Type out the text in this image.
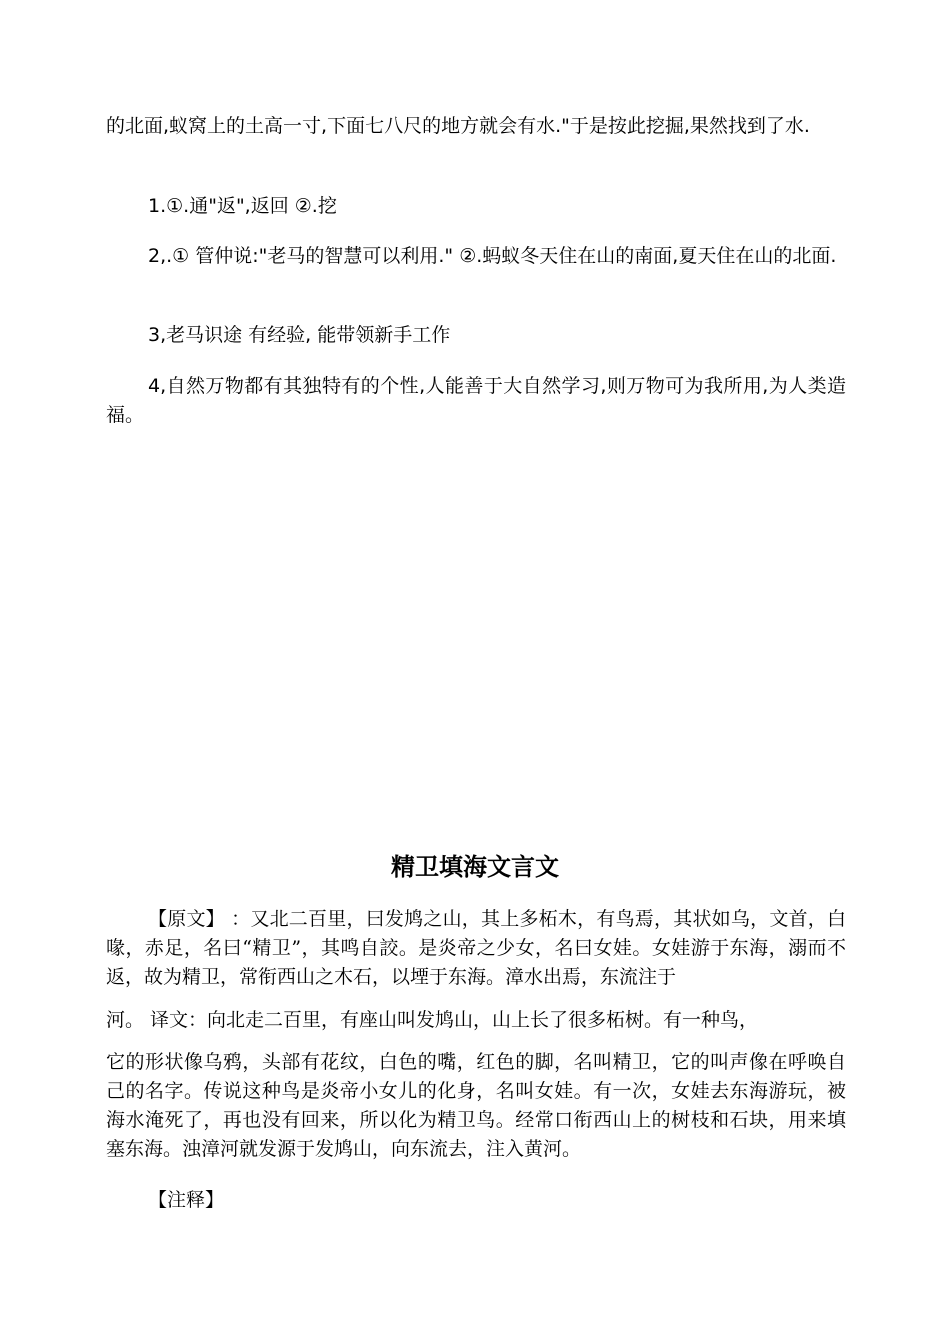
的北面,蚁窝上的土高一寸,下面七八尺的地方就会有水."于是按此挖掘,果然找到了水.

1.①.通"返",返回 ②.挖

2,.① 管仲说:"老马的智慧可以利用." ②.蚂蚁冬天住在山的南面,夏天住在山的北面.

3,老马识途 有经验, 能带领新手工作

4,自然万物都有其独特有的个性,人能善于大自然学习,则万物可为我所用,为人类造福。

精卫填海文言文

【原文】 ：又北二百里，曰发鸠之山，其上多柘木，有鸟焉，其状如乌，文首，白喙，赤足，名曰“精卫”，其鸣自詨。是炎帝之少女，名曰女娃。女娃游于东海，溺而不返，故为精卫，常衔西山之木石，以堙于东海。漳水出焉，东流注于

河。 译文：向北走二百里，有座山叫发鸠山，山上长了很多柘树。有一种鸟，

它的形状像乌鸦，头部有花纹，白色的嘴，红色的脚，名叫精卫，它的叫声像在呼唤自己的名字。传说这种鸟是炎帝小女儿的化身，名叫女娃。有一次，女娃去东海游玩，被海水淹死了，再也没有回来，所以化为精卫鸟。经常口衔西山上的树枝和石块，用来填塞东海。浊漳河就发源于发鸠山，向东流去，注入黄河。

【注释】
